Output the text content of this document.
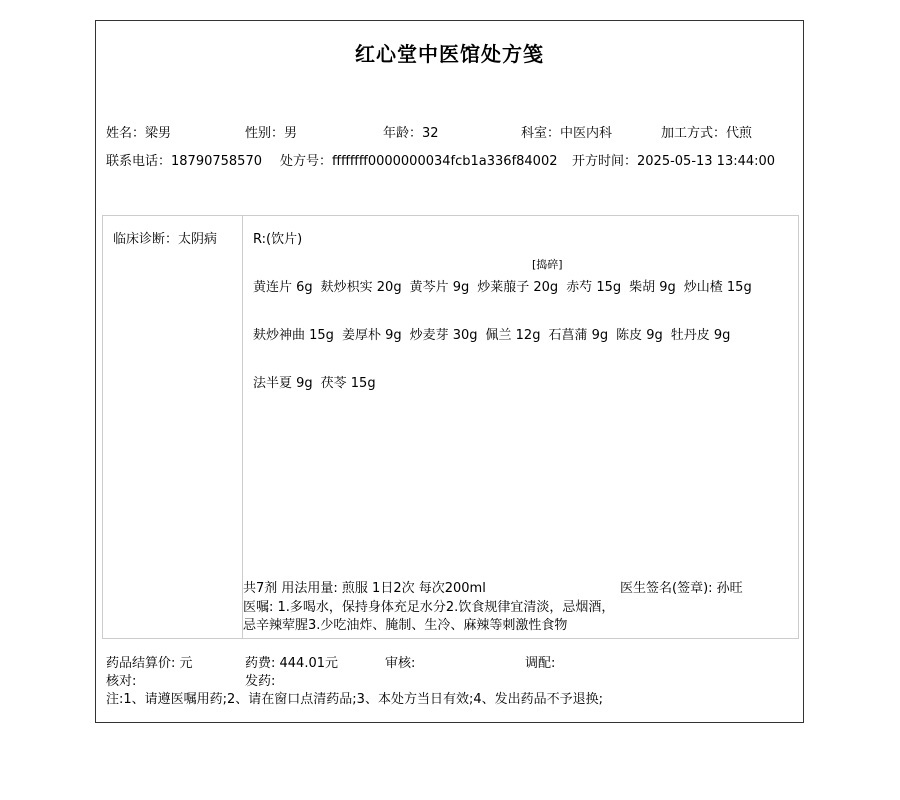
红心堂中医馆处方笺
姓名：梁男	性别：男	年龄：32	科室：中医内科	加工方式：代煎
联系电话：18790758570 处方号：ffffffff0000000034fcb1a336f84002 开方时间：2025-05-13 13:44:00
临床诊断：太阴病	R:(饮片)
[捣碎]
黄连片 6g 麸炒枳实 20g 黄芩片 9g 炒莱菔子 20g 赤芍 15g 柴胡 9g 炒山楂 15g
麸炒神曲 15g 姜厚朴 9g 炒麦芽 30g 佩兰 12g 石菖蒲 9g 陈皮 9g 牡丹皮 9g
法半夏 9g 茯苓 15g
共7剂 用法用量: 煎服 1日2次 每次200ml	医生签名(签章): 孙旺
医嘱: 1.多喝水，保持身体充足水分2.饮食规律宜清淡，忌烟酒，
忌辛辣荤腥3.少吃油炸、腌制、生冷、麻辣等刺激性食物
药品结算价: 元	药费: 444.01元	审核:	调配:
核对:	发药:
注:1、请遵医嘱用药;2、请在窗口点清药品;3、本处方当日有效;4、发出药品不予退换;
